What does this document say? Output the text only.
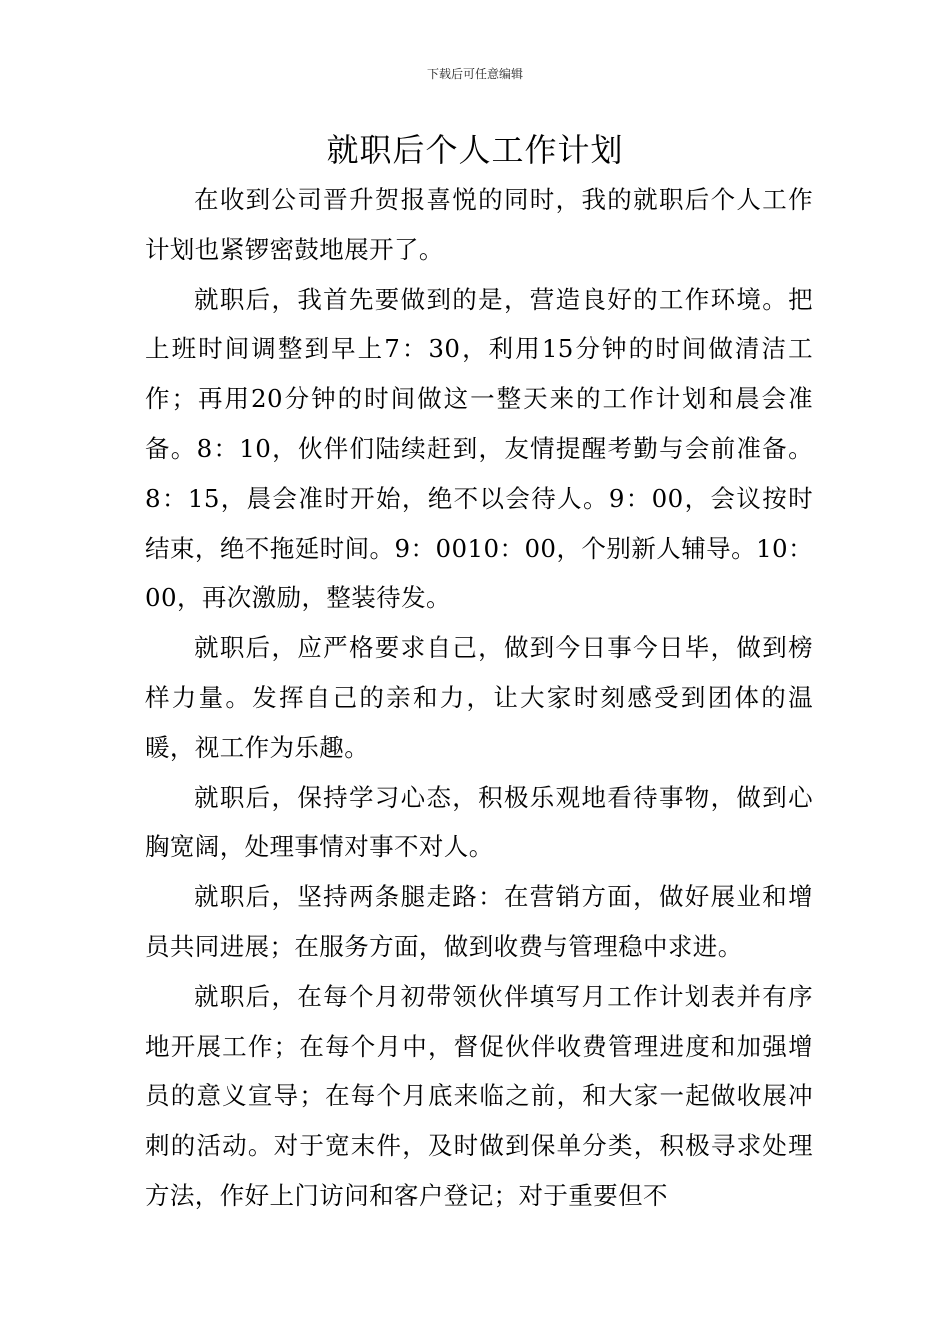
下载后可任意编辑
就职后个人工作计划

在收到公司晋升贺报喜悦的同时，我的就职后个人工作计划也紧锣密鼓地展开了。

就职后，我首先要做到的是，营造良好的工作环境。把上班时间调整到早上7：30，利用15分钟的时间做清洁工作；再用20分钟的时间做这一整天来的工作计划和晨会准备。8：10，伙伴们陆续赶到，友情提醒考勤与会前准备。8：15，晨会准时开始，绝不以会待人。9：00，会议按时结束，绝不拖延时间。9：0010：00，个别新人辅导。10：00，再次激励，整装待发。

就职后，应严格要求自己，做到今日事今日毕，做到榜样力量。发挥自己的亲和力，让大家时刻感受到团体的温暖，视工作为乐趣。

就职后，保持学习心态，积极乐观地看待事物，做到心胸宽阔，处理事情对事不对人。

就职后，坚持两条腿走路：在营销方面，做好展业和增员共同进展；在服务方面，做到收费与管理稳中求进。

就职后，在每个月初带领伙伴填写月工作计划表并有序地开展工作；在每个月中，督促伙伴收费管理进度和加强增员的意义宣导；在每个月底来临之前，和大家一起做收展冲刺的活动。对于宽末件，及时做到保单分类，积极寻求处理方法，作好上门访问和客户登记；对于重要但不
